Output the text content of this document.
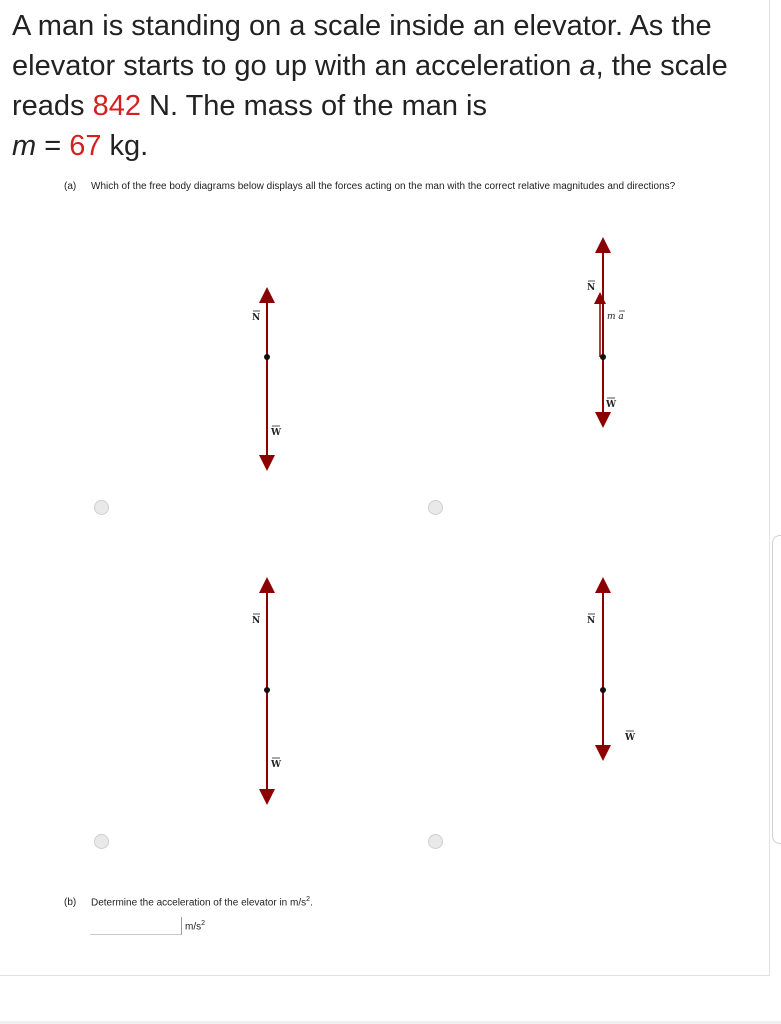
A man is standing on a scale inside an elevator. As the elevator starts to go up with an acceleration a, the scale reads 842 N. The mass of the man is
m = 67 kg.
(a) Which of the free body diagrams below displays all the forces acting on the man with the correct relative magnitudes and directions?
N
W
N
m a
W
N
W
N
W
(b) Determine the acceleration of the elevator in $m/s^2$.
$m/s^2$
